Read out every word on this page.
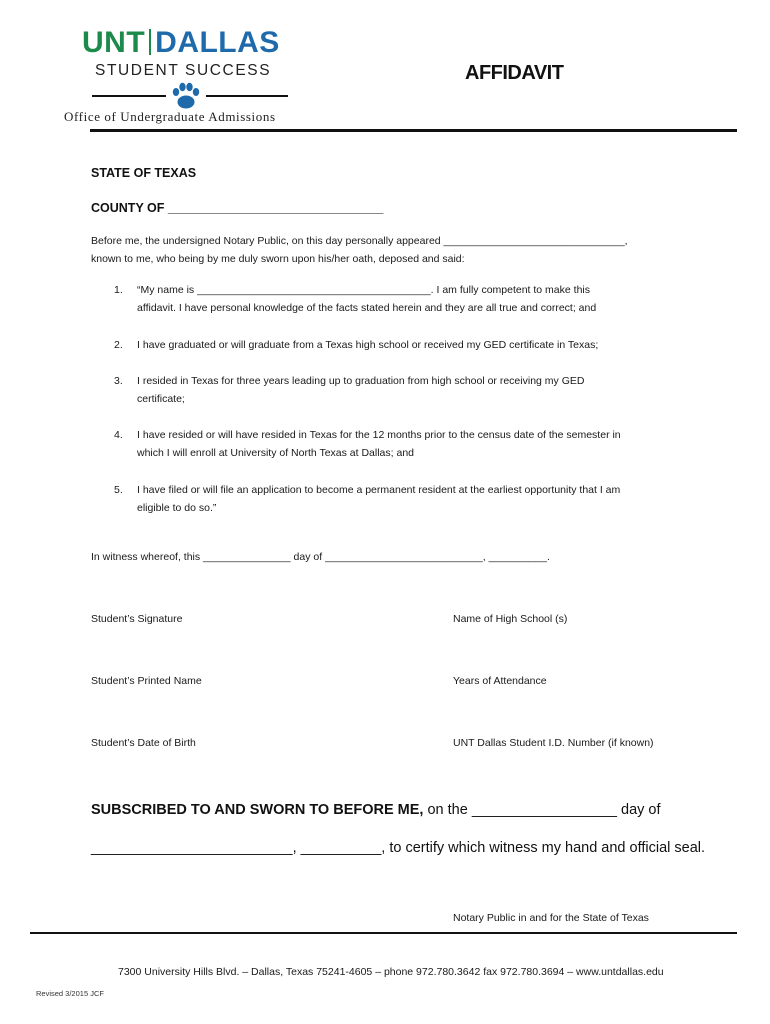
UNT DALLAS
STUDENT SUCCESS
Office of Undergraduate Admissions
AFFIDAVIT
STATE OF TEXAS
COUNTY OF _______________________________
Before me, the undersigned Notary Public, on this day personally appeared _______________________________,
known to me, who being by me duly sworn upon his/her oath, deposed and said:
1. “My name is ________________________________________. I am fully competent to make this
affidavit. I have personal knowledge of the facts stated herein and they are all true and correct; and
2. I have graduated or will graduate from a Texas high school or received my GED certificate in Texas;
3. I resided in Texas for three years leading up to graduation from high school or receiving my GED
certificate;
4. I have resided or will have resided in Texas for the 12 months prior to the census date of the semester in
which I will enroll at University of North Texas at Dallas; and
5. I have filed or will file an application to become a permanent resident at the earliest opportunity that I am
eligible to do so.”
In witness whereof, this _______________ day of ___________________________, __________.
Student’s Signature	Name of High School (s)
Student’s Printed Name	Years of Attendance
Student’s Date of Birth	UNT Dallas Student I.D. Number (if known)
SUBSCRIBED TO AND SWORN TO BEFORE ME, on the __________________ day of
_________________________, __________, to certify which witness my hand and official seal.
Notary Public in and for the State of Texas
7300 University Hills Blvd. – Dallas, Texas 75241-4605 – phone 972.780.3642 fax 972.780.3694 – www.untdallas.edu
Revised 3/2015 JCF
